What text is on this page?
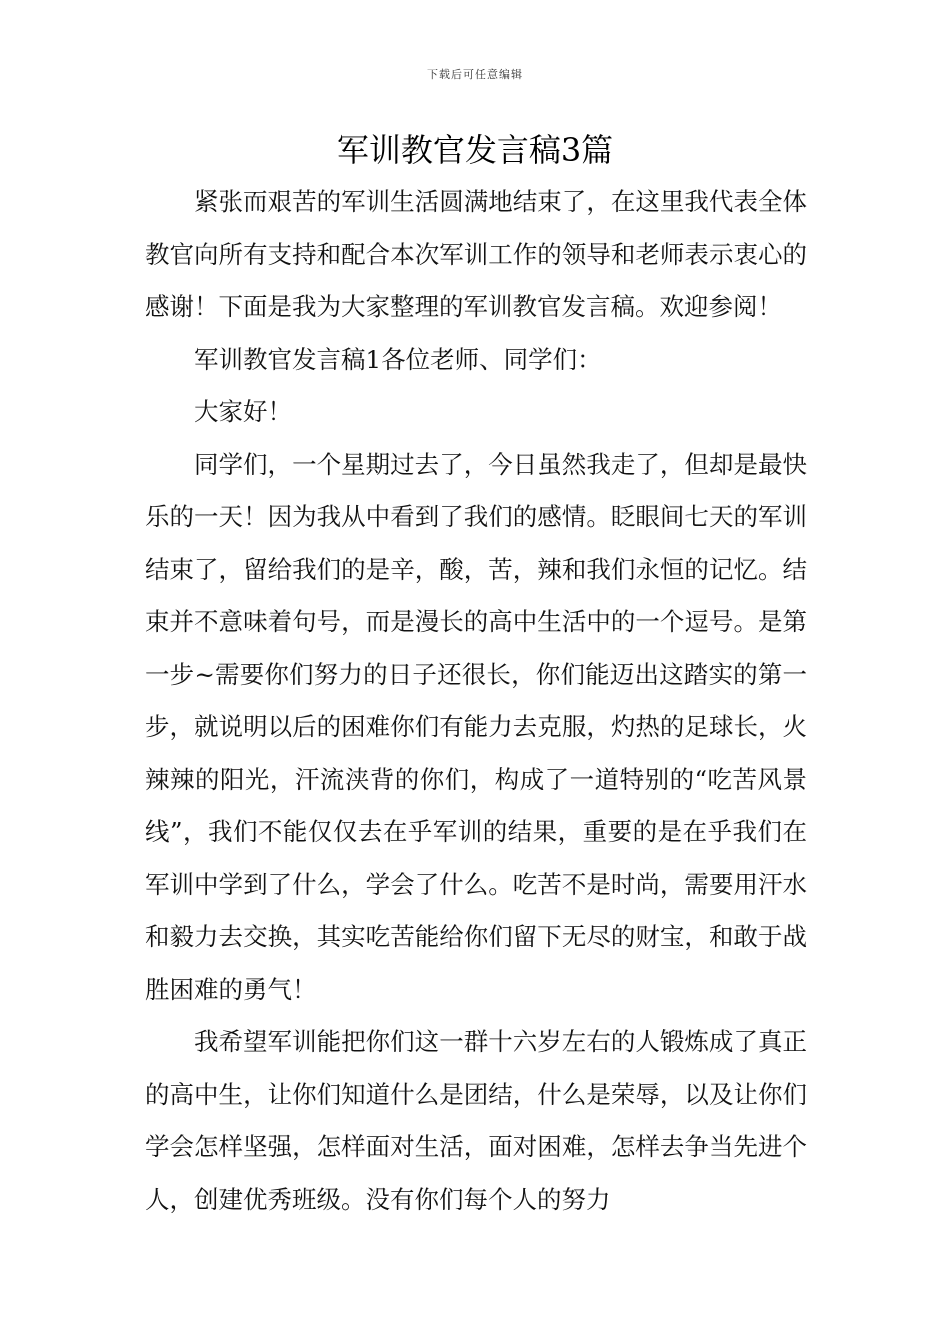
下载后可任意编辑
军训教官发言稿3篇

紧张而艰苦的军训生活圆满地结束了，在这里我代表全体教官向所有支持和配合本次军训工作的领导和老师表示衷心的感谢！下面是我为大家整理的军训教官发言稿。欢迎参阅！

军训教官发言稿1各位老师、同学们：

大家好！

同学们，一个星期过去了，今日虽然我走了，但却是最快乐的一天！因为我从中看到了我们的感情。眨眼间七天的军训结束了，留给我们的是辛，酸，苦，辣和我们永恒的记忆。结束并不意味着句号，而是漫长的高中生活中的一个逗号。是第一步~需要你们努力的日子还很长，你们能迈出这踏实的第一步，就说明以后的困难你们有能力去克服，灼热的足球长，火辣辣的阳光，汗流浃背的你们，构成了一道特别的“吃苦风景线”，我们不能仅仅去在乎军训的结果，重要的是在乎我们在军训中学到了什么，学会了什么。吃苦不是时尚，需要用汗水和毅力去交换，其实吃苦能给你们留下无尽的财宝，和敢于战胜困难的勇气！

我希望军训能把你们这一群十六岁左右的人锻炼成了真正的高中生，让你们知道什么是团结，什么是荣辱，以及让你们学会怎样坚强，怎样面对生活，面对困难，怎样去争当先进个人，创建优秀班级。没有你们每个人的努力
